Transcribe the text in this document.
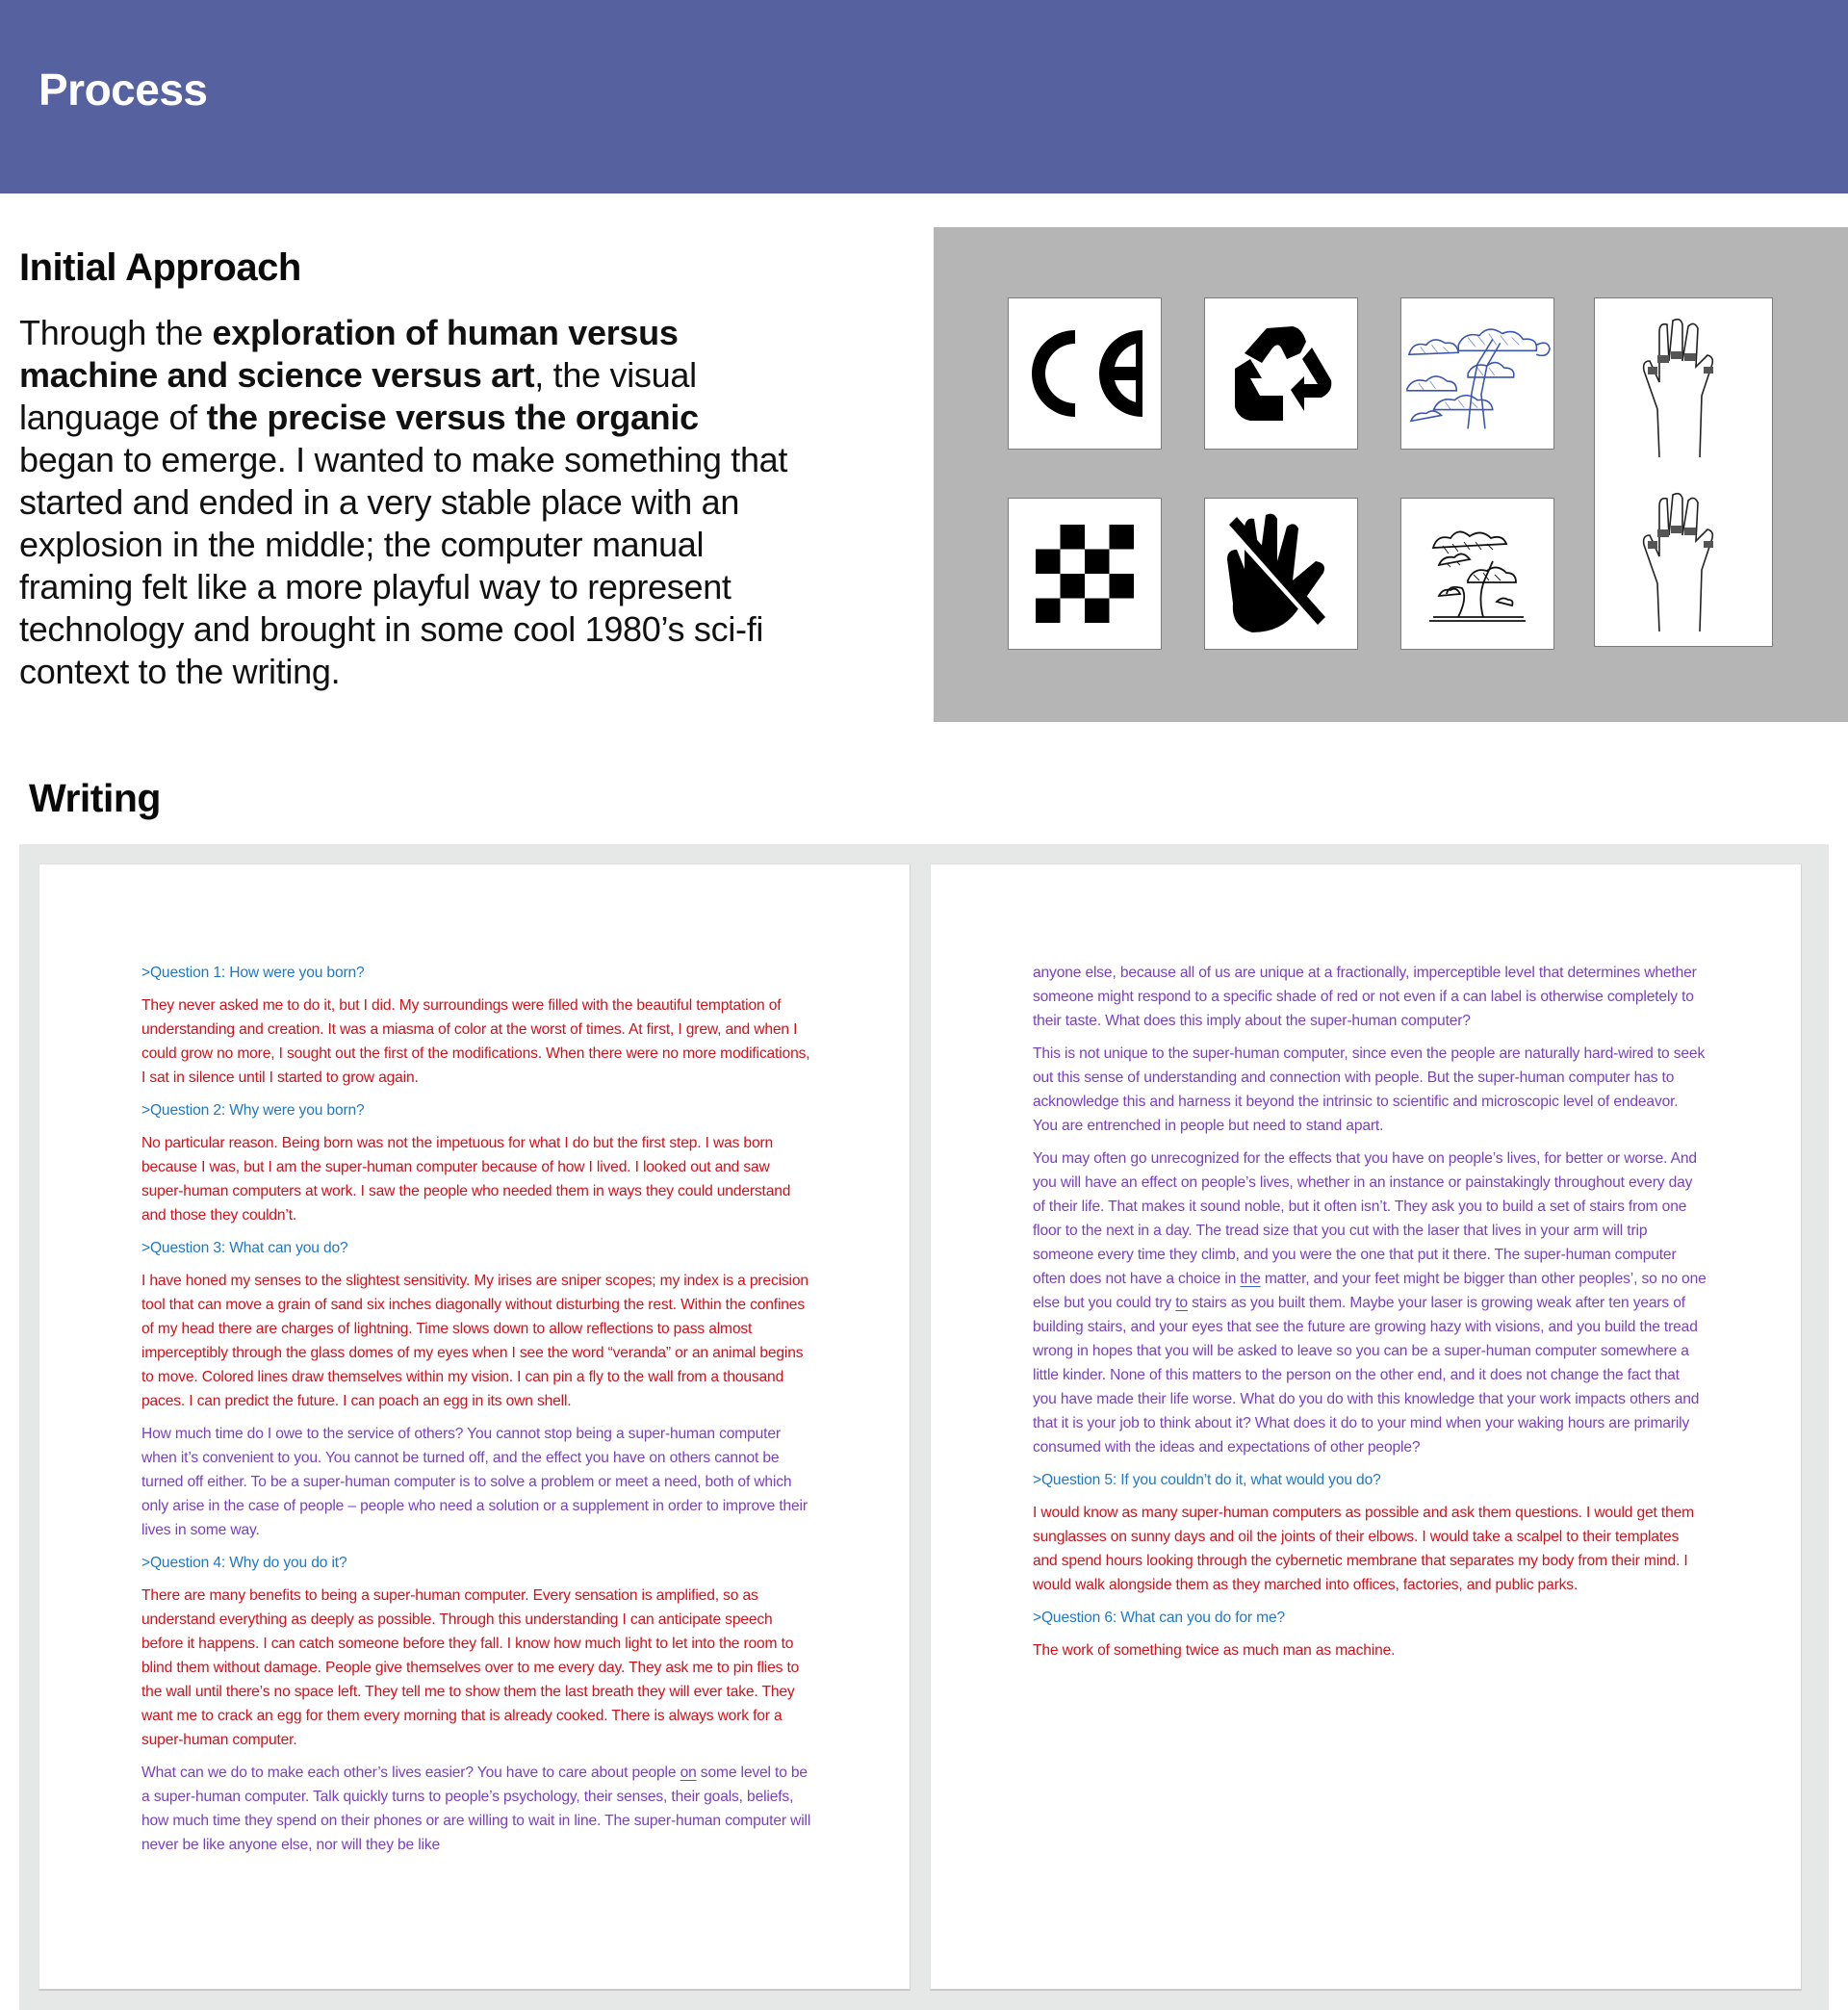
Process
Initial Approach
Through the exploration of human versus machine and science versus art, the visual language of the precise versus the organic began to emerge. I wanted to make something that started and ended in a very stable place with an explosion in the middle; the computer manual framing felt like a more playful way to represent technology and brought in some cool 1980’s sci-fi context to the writing.
Writing

>Question 1: How were you born?

They never asked me to do it, but I did. My surroundings were filled with the beautiful temptation of understanding and creation. It was a miasma of color at the worst of times. At first, I grew, and when I could grow no more, I sought out the first of the modifications. When there were no more modifications, I sat in silence until I started to grow again.

>Question 2: Why were you born?

No particular reason. Being born was not the impetuous for what I do but the first step. I was born because I was, but I am the super-human computer because of how I lived. I looked out and saw super-human computers at work. I saw the people who needed them in ways they could understand and those they couldn’t.

>Question 3: What can you do?

I have honed my senses to the slightest sensitivity. My irises are sniper scopes; my index is a precision tool that can move a grain of sand six inches diagonally without disturbing the rest. Within the confines of my head there are charges of lightning. Time slows down to allow reflections to pass almost imperceptibly through the glass domes of my eyes when I see the word “veranda” or an animal begins to move. Colored lines draw themselves within my vision. I can pin a fly to the wall from a thousand paces. I can predict the future. I can poach an egg in its own shell.

How much time do I owe to the service of others? You cannot stop being a super-human computer when it’s convenient to you. You cannot be turned off, and the effect you have on others cannot be turned off either. To be a super-human computer is to solve a problem or meet a need, both of which only arise in the case of people – people who need a solution or a supplement in order to improve their lives in some way.

>Question 4: Why do you do it?

There are many benefits to being a super-human computer. Every sensation is amplified, so as understand everything as deeply as possible. Through this understanding I can anticipate speech before it happens. I can catch someone before they fall. I know how much light to let into the room to blind them without damage. People give themselves over to me every day. They ask me to pin flies to the wall until there’s no space left. They tell me to show them the last breath they will ever take. They want me to crack an egg for them every morning that is already cooked. There is always work for a super-human computer.

What can we do to make each other’s lives easier? You have to care about people on some level to be a super-human computer. Talk quickly turns to people’s psychology, their senses, their goals, beliefs, how much time they spend on their phones or are willing to wait in line. The super-human computer will never be like anyone else, nor will they be like

anyone else, because all of us are unique at a fractionally, imperceptible level that determines whether someone might respond to a specific shade of red or not even if a can label is otherwise completely to their taste. What does this imply about the super-human computer?

This is not unique to the super-human computer, since even the people are naturally hard-wired to seek out this sense of understanding and connection with people. But the super-human computer has to acknowledge this and harness it beyond the intrinsic to scientific and microscopic level of endeavor. You are entrenched in people but need to stand apart.

You may often go unrecognized for the effects that you have on people’s lives, for better or worse. And you will have an effect on people’s lives, whether in an instance or painstakingly throughout every day of their life. That makes it sound noble, but it often isn’t. They ask you to build a set of stairs from one floor to the next in a day. The tread size that you cut with the laser that lives in your arm will trip someone every time they climb, and you were the one that put it there. The super-human computer often does not have a choice in the matter, and your feet might be bigger than other peoples’, so no one else but you could try to stairs as you built them. Maybe your laser is growing weak after ten years of building stairs, and your eyes that see the future are growing hazy with visions, and you build the tread wrong in hopes that you will be asked to leave so you can be a super-human computer somewhere a little kinder. None of this matters to the person on the other end, and it does not change the fact that you have made their life worse. What do you do with this knowledge that your work impacts others and that it is your job to think about it? What does it do to your mind when your waking hours are primarily consumed with the ideas and expectations of other people?

>Question 5: If you couldn’t do it, what would you do?

I would know as many super-human computers as possible and ask them questions. I would get them sunglasses on sunny days and oil the joints of their elbows. I would take a scalpel to their templates and spend hours looking through the cybernetic membrane that separates my body from their mind. I would walk alongside them as they marched into offices, factories, and public parks.

>Question 6: What can you do for me?

The work of something twice as much man as machine.
